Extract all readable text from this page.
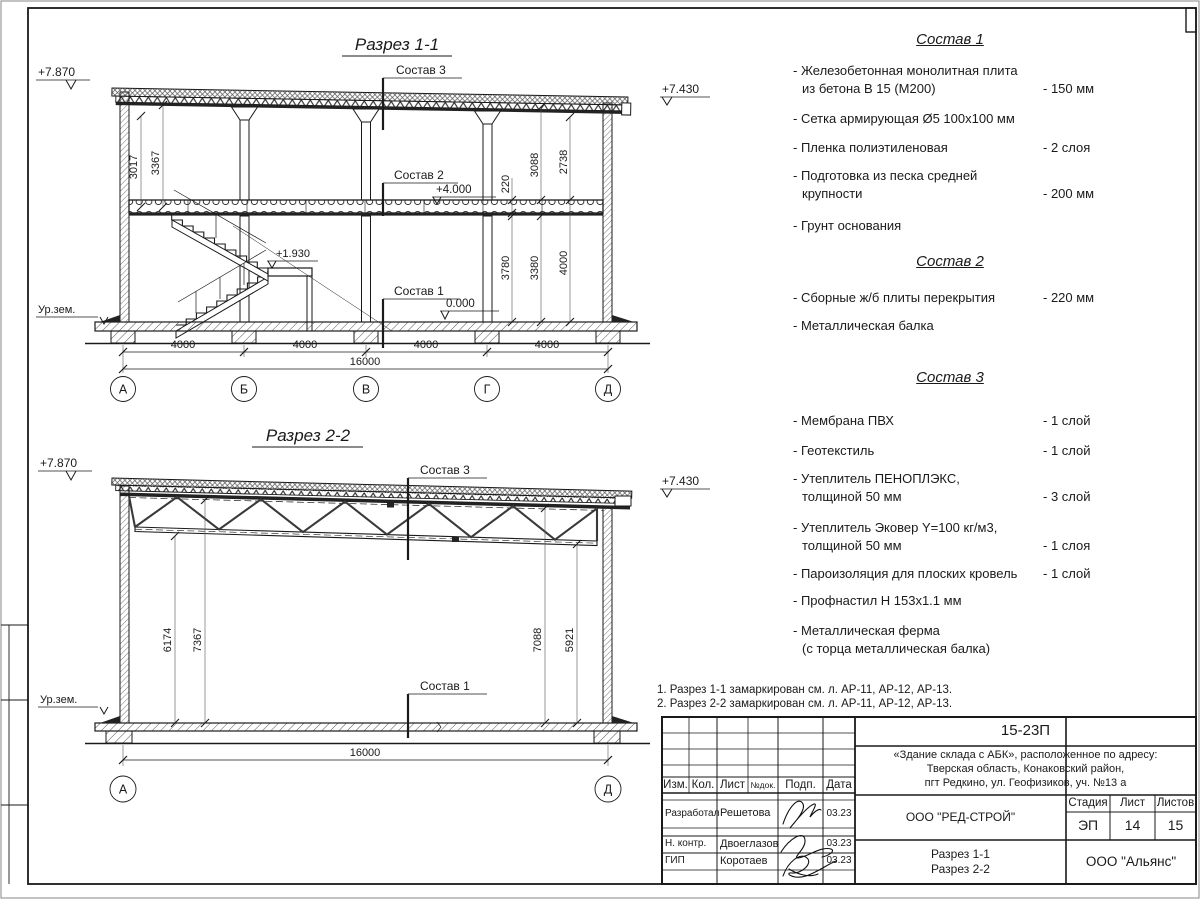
Разрез 1-1
+7.870
+7.430
+4.000
0.000
+1.930
Ур.зем.
Состав 3
Состав 2
Состав 1
3017 3367
220
3088 2738
3780 3380 4000
4000	4000	4000	4000
16000
А	Б	В	Г	Д
Разрез 2-2
+7.870
+7.430
Ур.зем.
Состав 3
Состав 1
6174 7367	7088 5921
16000
А	Д
Состав 1
- Железобетонная монолитная плита
из бетона В 15 (М200)	- 150 мм
- Сетка армирующая Ø5 100х100 мм
- Пленка полиэтиленовая	- 2 слоя
- Подготовка из песка средней
крупности	- 200 мм
- Грунт основания
Состав 2
- Сборные ж/б плиты перекрытия	- 220 мм
- Металлическая балка
Состав 3
- Мембрана ПВХ	- 1 слой
- Геотекстиль	- 1 слой
- Утеплитель ПЕНОПЛЭКС,
толщиной 50 мм	- 3 слой
- Утеплитель Эковер Y=100 кг/м3,
толщиной 50 мм	- 1 слоя
- Пароизоляция для плоских кровель	- 1 слой
- Профнастил Н 153х1.1 мм
- Металлическая ферма
(с торца металлическая балка)
1. Разрез 1-1 замаркирован см. л. АР-11, АР-12, АР-13.
2. Разрез 2-2 замаркирован см. л. АР-11, АР-12, АР-13.
15-23П
«Здание склада с АБК», расположенное по адресу:
Тверская область, Конаковский район,
пгт Редкино, ул. Геофизиков, уч. №13 а
ООО "РЕД-СТРОЙ"
Стадия	Лист	Листов
ЭП	14	15
Разрез 1-1
Разрез 2-2
ООО "Альянс"
Изм. Кол. Лист №док. Подп. Дата
Разработал Решетова	03.23
Н. контр.	Двоеглазов	03.23
ГИП	Коротаев	03.23
